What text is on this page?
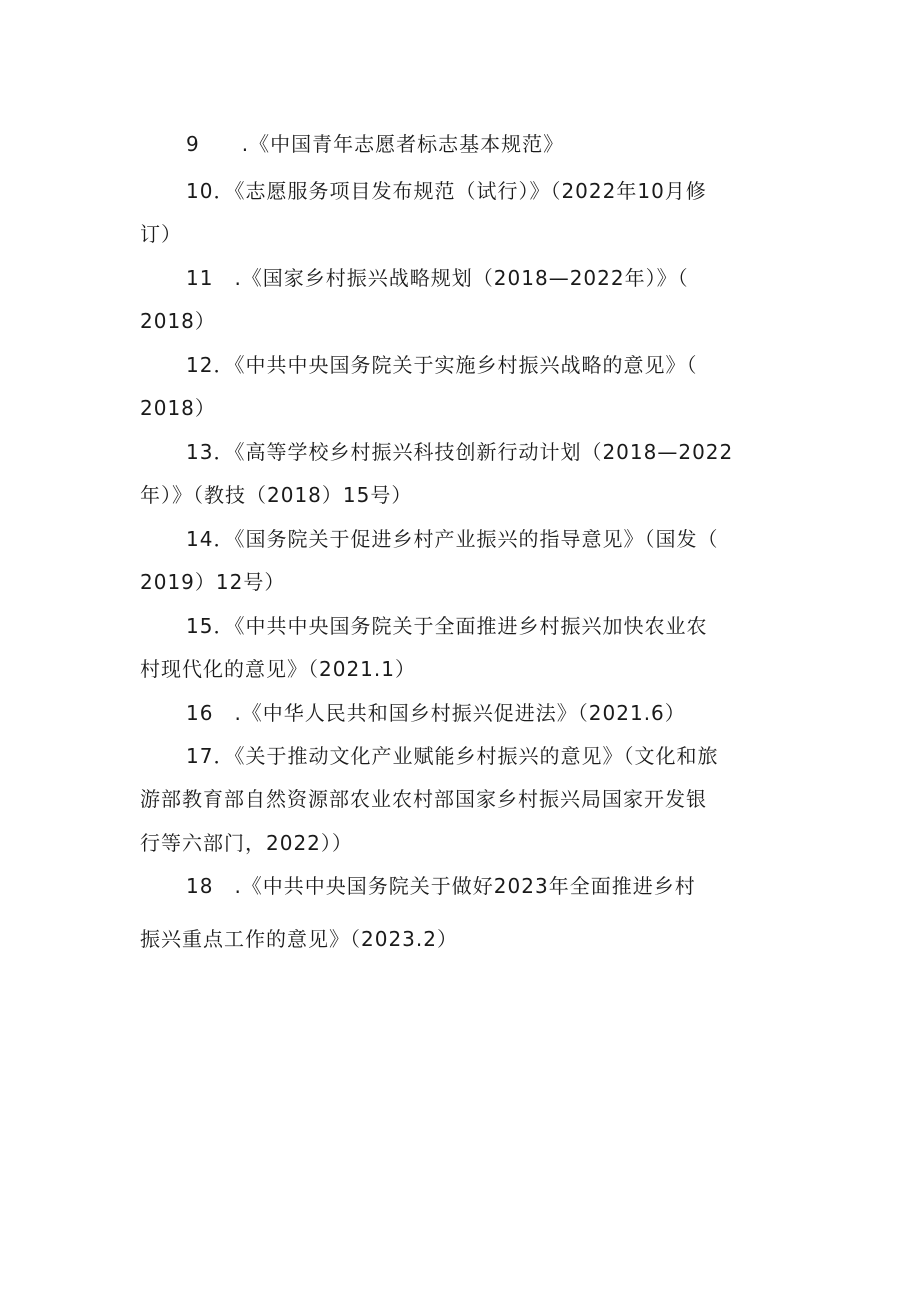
9　　.《中国青年志愿者标志基本规范》
10．《志愿服务项目发布规范（试行）》（2022年10月修
订）
11　.《国家乡村振兴战略规划（2018—2022年）》（
2018）
12．《中共中央国务院关于实施乡村振兴战略的意见》（
2018）
13．《高等学校乡村振兴科技创新行动计划（2018—2022
年）》（教技（2018）15号）
14．《国务院关于促进乡村产业振兴的指导意见》（国发（
2019）12号）
15．《中共中央国务院关于全面推进乡村振兴加快农业农
村现代化的意见》（2021.1）
16　.《中华人民共和国乡村振兴促进法》（2021.6）
17．《关于推动文化产业赋能乡村振兴的意见》（文化和旅
游部教育部自然资源部农业农村部国家乡村振兴局国家开发银
行等六部门，2022））
18　.《中共中央国务院关于做好2023年全面推进乡村
振兴重点工作的意见》（2023.2）
